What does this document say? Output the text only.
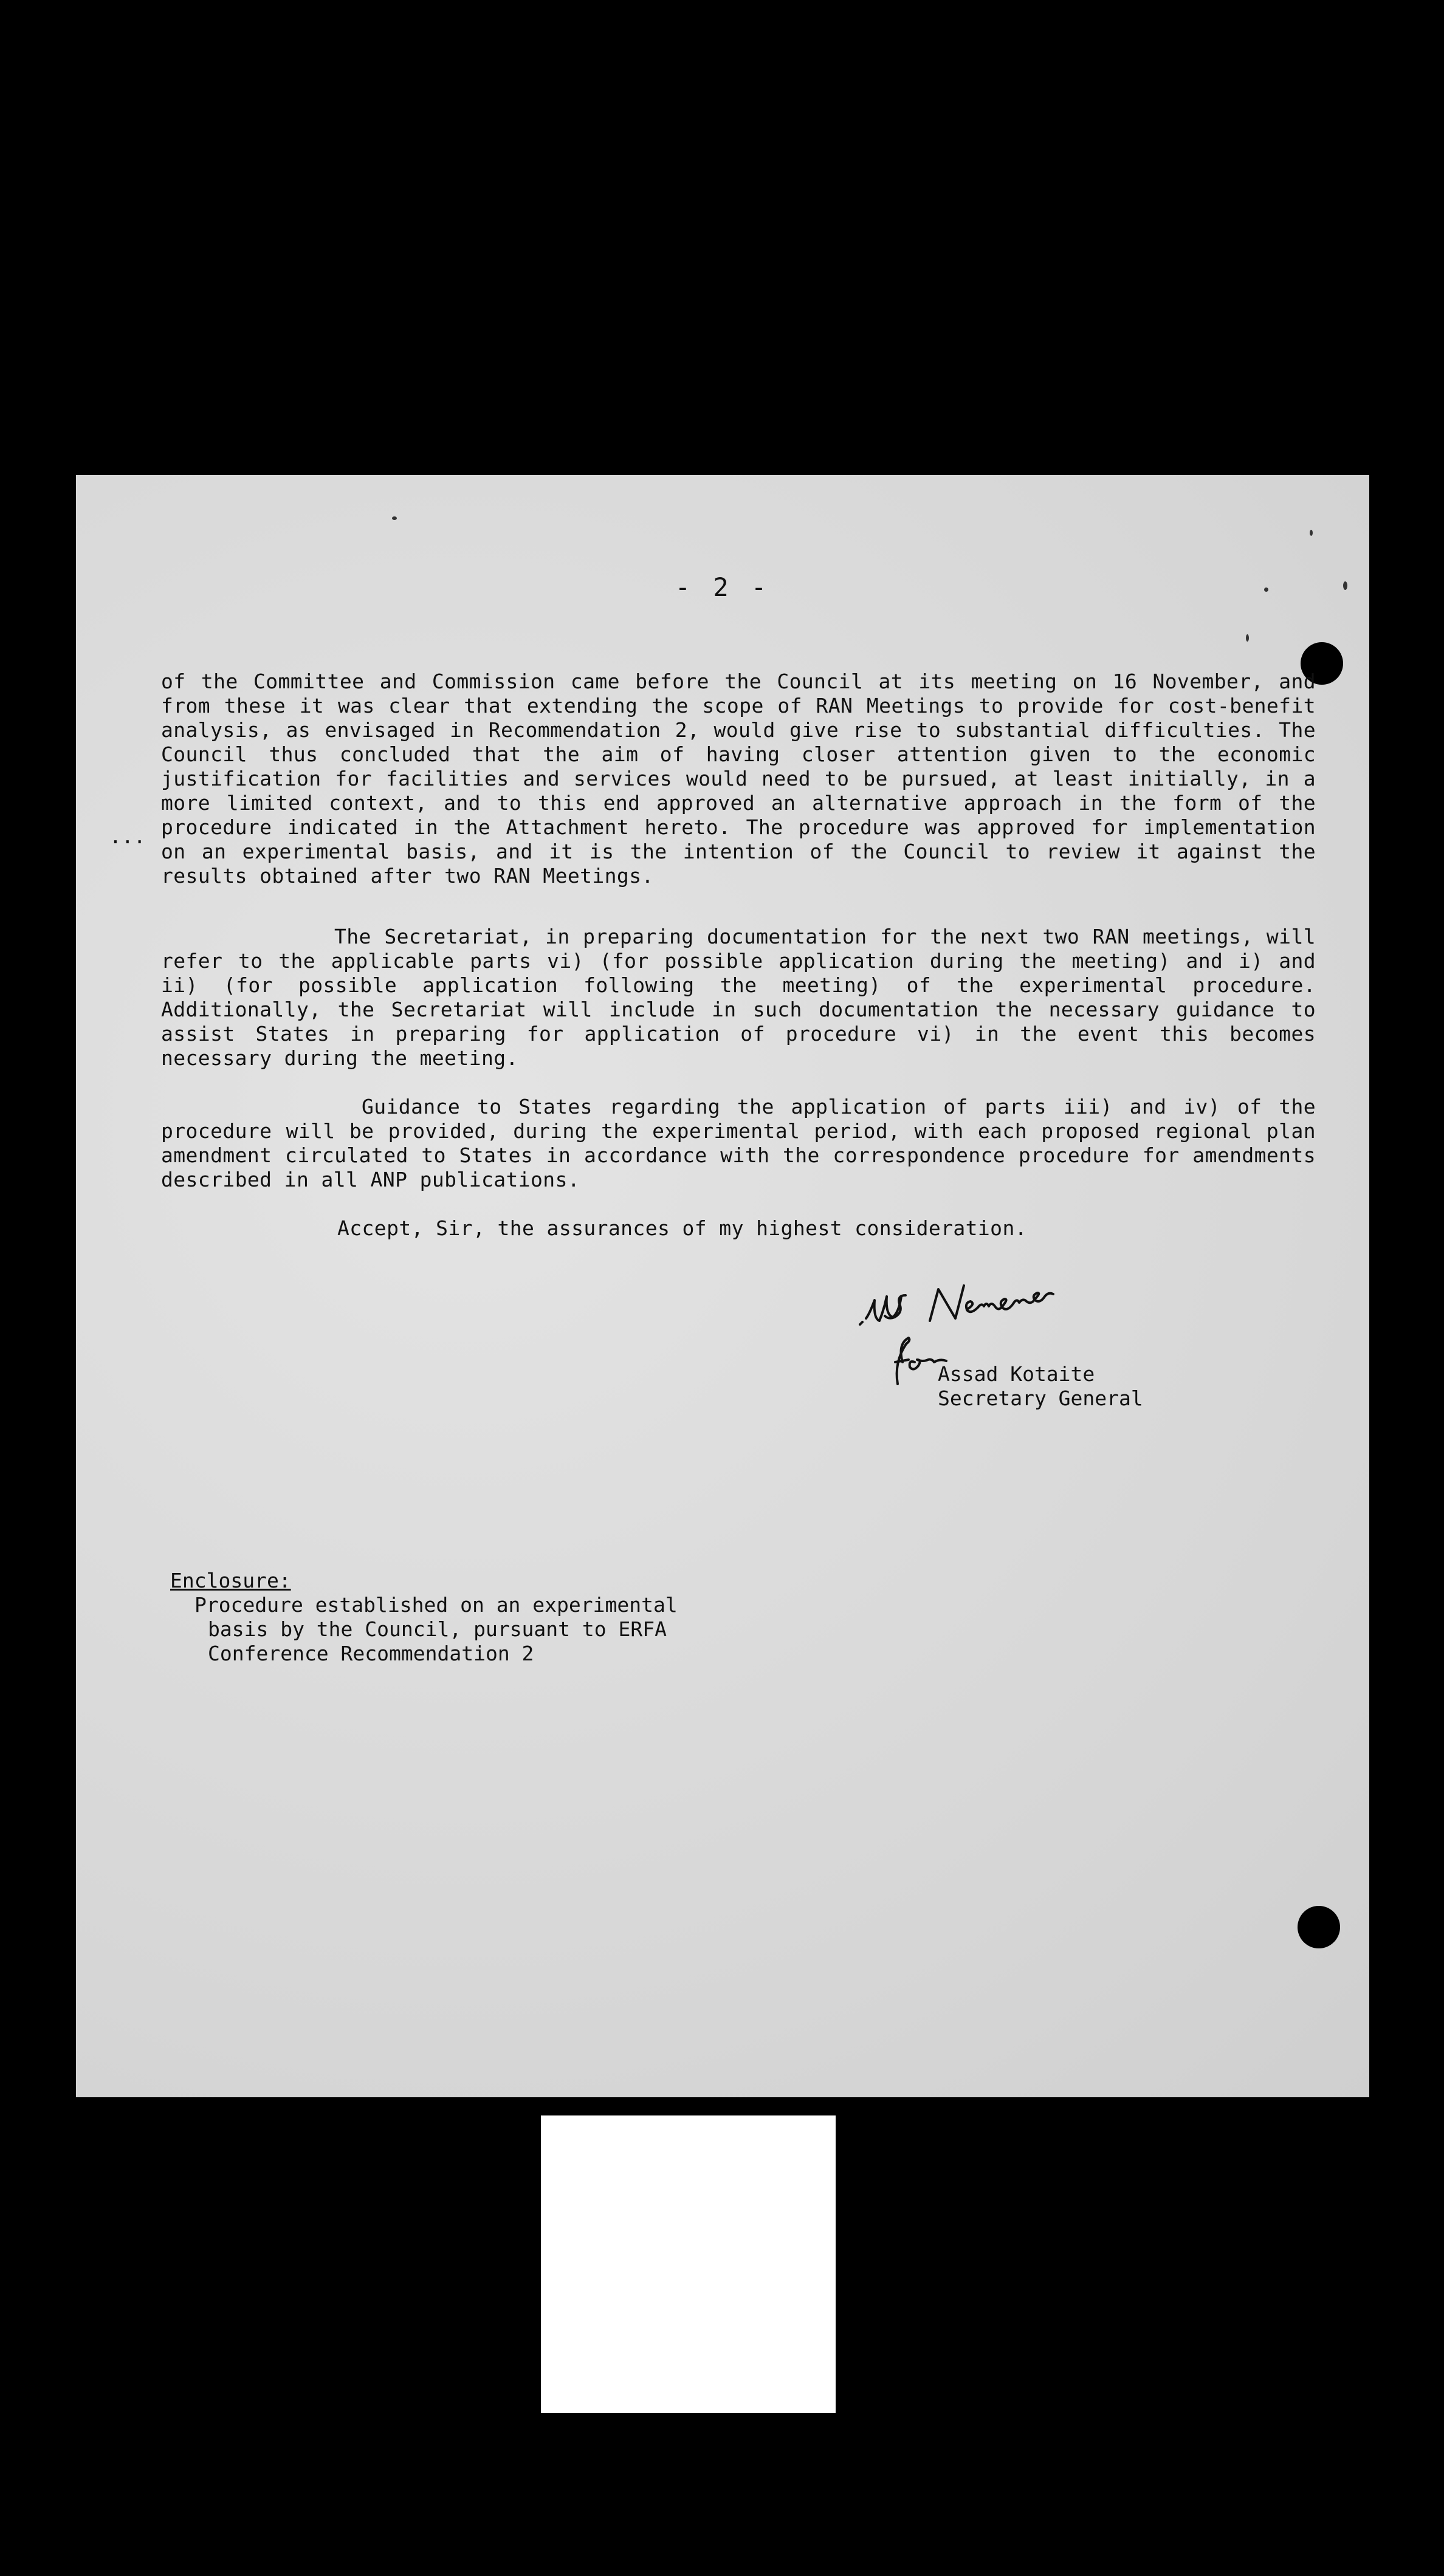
- 2 -
...
of the Committee and Commission came before the Council at its meeting on 16 November, and from these it was clear that extending the scope of RAN Meetings to provide for cost-benefit analysis, as envisaged in Recommendation 2, would give rise to substantial difficulties. The Council thus concluded that the aim of having closer attention given to the economic justification for facilities and services would need to be pursued, at least initially, in a more limited context, and to this end approved an alternative approach in the form of the procedure indicated in the Attachment hereto. The procedure was approved for implementation on an experimental basis, and it is the intention of the Council to review it against the results obtained after two RAN Meetings.
The Secretariat, in preparing documentation for the next two RAN meetings, will refer to the applicable parts vi) (for possible application during the meeting) and i) and ii) (for possible application following the meeting) of the experimental procedure. Additionally, the Secretariat will include in such documentation the necessary guidance to assist States in preparing for application of procedure vi) in the event this becomes necessary during the meeting.
Guidance to States regarding the application of parts iii) and iv) of the procedure will be provided, during the experimental period, with each proposed regional plan amendment circulated to States in accordance with the correspondence procedure for amendments described in all ANP publications.
Accept, Sir, the assurances of my highest consideration.
Assad Kotaite
Secretary General
Enclosure:
Procedure established on an experimental
basis by the Council, pursuant to ERFA
Conference Recommendation 2
